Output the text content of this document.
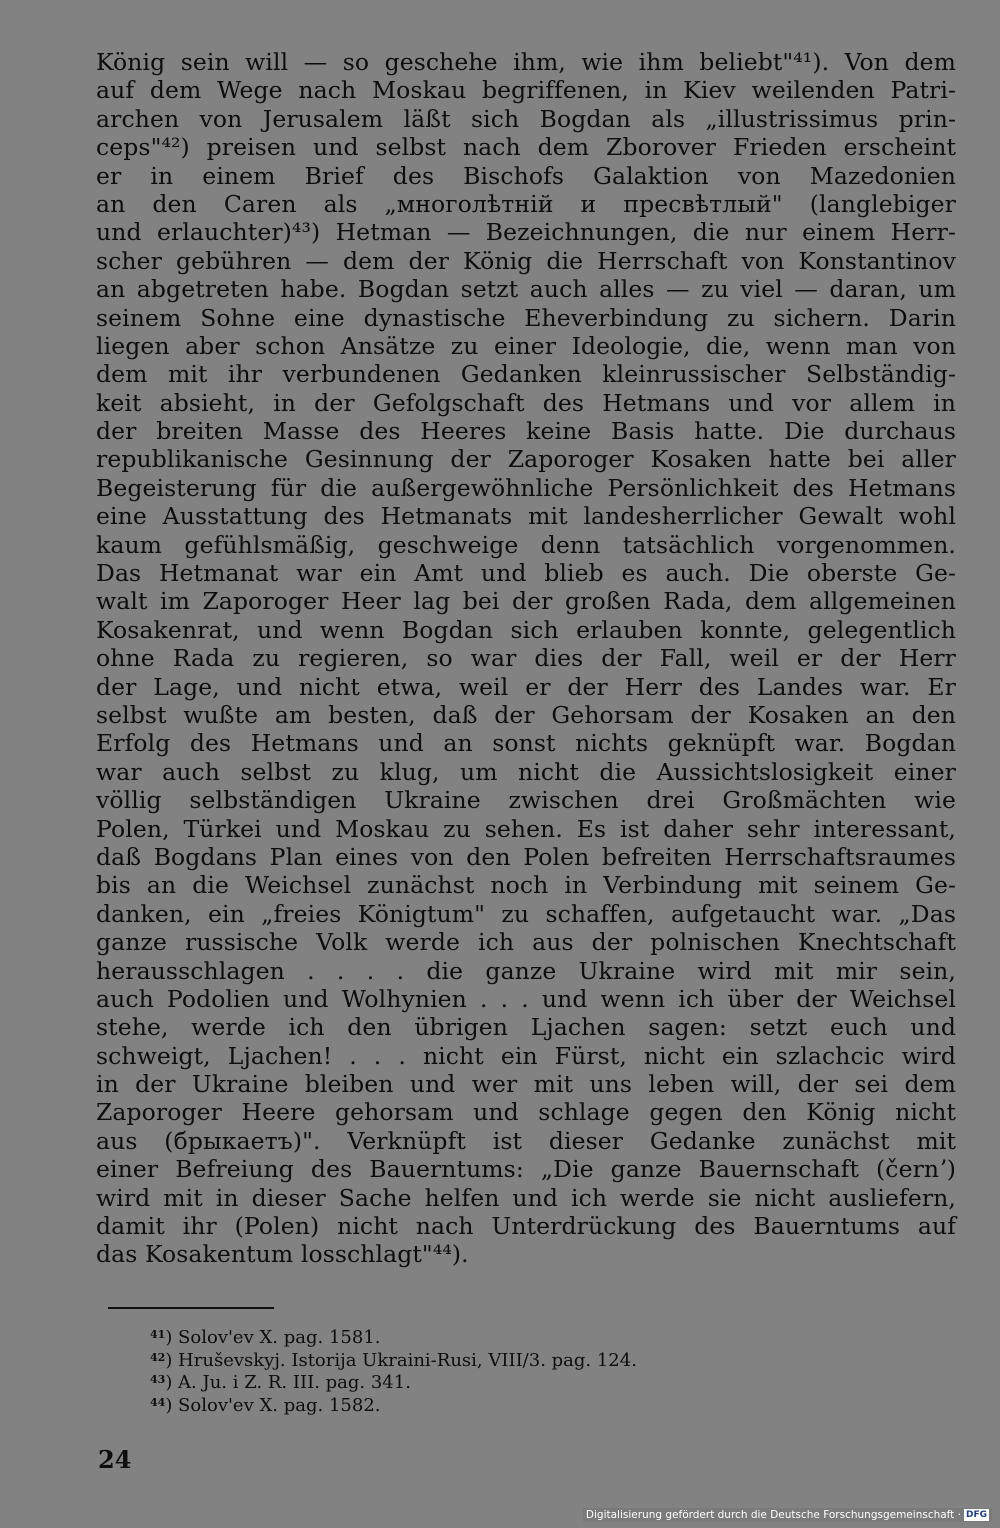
König sein will — so geschehe ihm, wie ihm beliebt"⁴¹). Von dem
auf dem Wege nach Moskau begriffenen, in Kiev weilenden Patri-
archen von Jerusalem läßt sich Bogdan als „illustrissimus prin-
ceps"⁴²) preisen und selbst nach dem Zborover Frieden erscheint
er in einem Brief des Bischofs Galaktion von Mazedonien
an den Caren als „многолѣтній и пресвѣтлый" (langlebiger
und erlauchter)⁴³) Hetman — Bezeichnungen, die nur einem Herr-
scher gebühren — dem der König die Herrschaft von Konstantinov
an abgetreten habe. Bogdan setzt auch alles — zu viel — daran, um
seinem Sohne eine dynastische Eheverbindung zu sichern. Darin
liegen aber schon Ansätze zu einer Ideologie, die, wenn man von
dem mit ihr verbundenen Gedanken kleinrussischer Selbständig-
keit absieht, in der Gefolgschaft des Hetmans und vor allem in
der breiten Masse des Heeres keine Basis hatte. Die durchaus
republikanische Gesinnung der Zaporoger Kosaken hatte bei aller
Begeisterung für die außergewöhnliche Persönlichkeit des Hetmans
eine Ausstattung des Hetmanats mit landesherrlicher Gewalt wohl
kaum gefühlsmäßig, geschweige denn tatsächlich vorgenommen.
Das Hetmanat war ein Amt und blieb es auch. Die oberste Ge-
walt im Zaporoger Heer lag bei der großen Rada, dem allgemeinen
Kosakenrat, und wenn Bogdan sich erlauben konnte, gelegentlich
ohne Rada zu regieren, so war dies der Fall, weil er der Herr
der Lage, und nicht etwa, weil er der Herr des Landes war. Er
selbst wußte am besten, daß der Gehorsam der Kosaken an den
Erfolg des Hetmans und an sonst nichts geknüpft war. Bogdan
war auch selbst zu klug, um nicht die Aussichtslosigkeit einer
völlig selbständigen Ukraine zwischen drei Großmächten wie
Polen, Türkei und Moskau zu sehen. Es ist daher sehr interessant,
daß Bogdans Plan eines von den Polen befreiten Herrschaftsraumes
bis an die Weichsel zunächst noch in Verbindung mit seinem Ge-
danken, ein „freies Königtum" zu schaffen, aufgetaucht war. „Das
ganze russische Volk werde ich aus der polnischen Knechtschaft
herausschlagen . . . . die ganze Ukraine wird mit mir sein,
auch Podolien und Wolhynien . . . und wenn ich über der Weichsel
stehe, werde ich den übrigen Ljachen sagen: setzt euch und
schweigt, Ljachen! . . . nicht ein Fürst, nicht ein szlachcic wird
in der Ukraine bleiben und wer mit uns leben will, der sei dem
Zaporoger Heere gehorsam und schlage gegen den König nicht
aus (брыкаетъ)". Verknüpft ist dieser Gedanke zunächst mit
einer Befreiung des Bauerntums: „Die ganze Bauernschaft (černʼ)
wird mit in dieser Sache helfen und ich werde sie nicht ausliefern,
damit ihr (Polen) nicht nach Unterdrückung des Bauerntums auf
das Kosakentum losschlagt"⁴⁴).
$^{41}$) Solov'ev X. pag. 1581.
$^{42}$) Hruševskyj. Istorija Ukraini-Rusi, VIII/3. pag. 124.
$^{43}$) A. Ju. i Z. R. III. pag. 341.
$^{44}$) Solov'ev X. pag. 1582.
24
Digitalisierung gefördert durch die Deutsche Forschungsgemeinschaft · DFG
